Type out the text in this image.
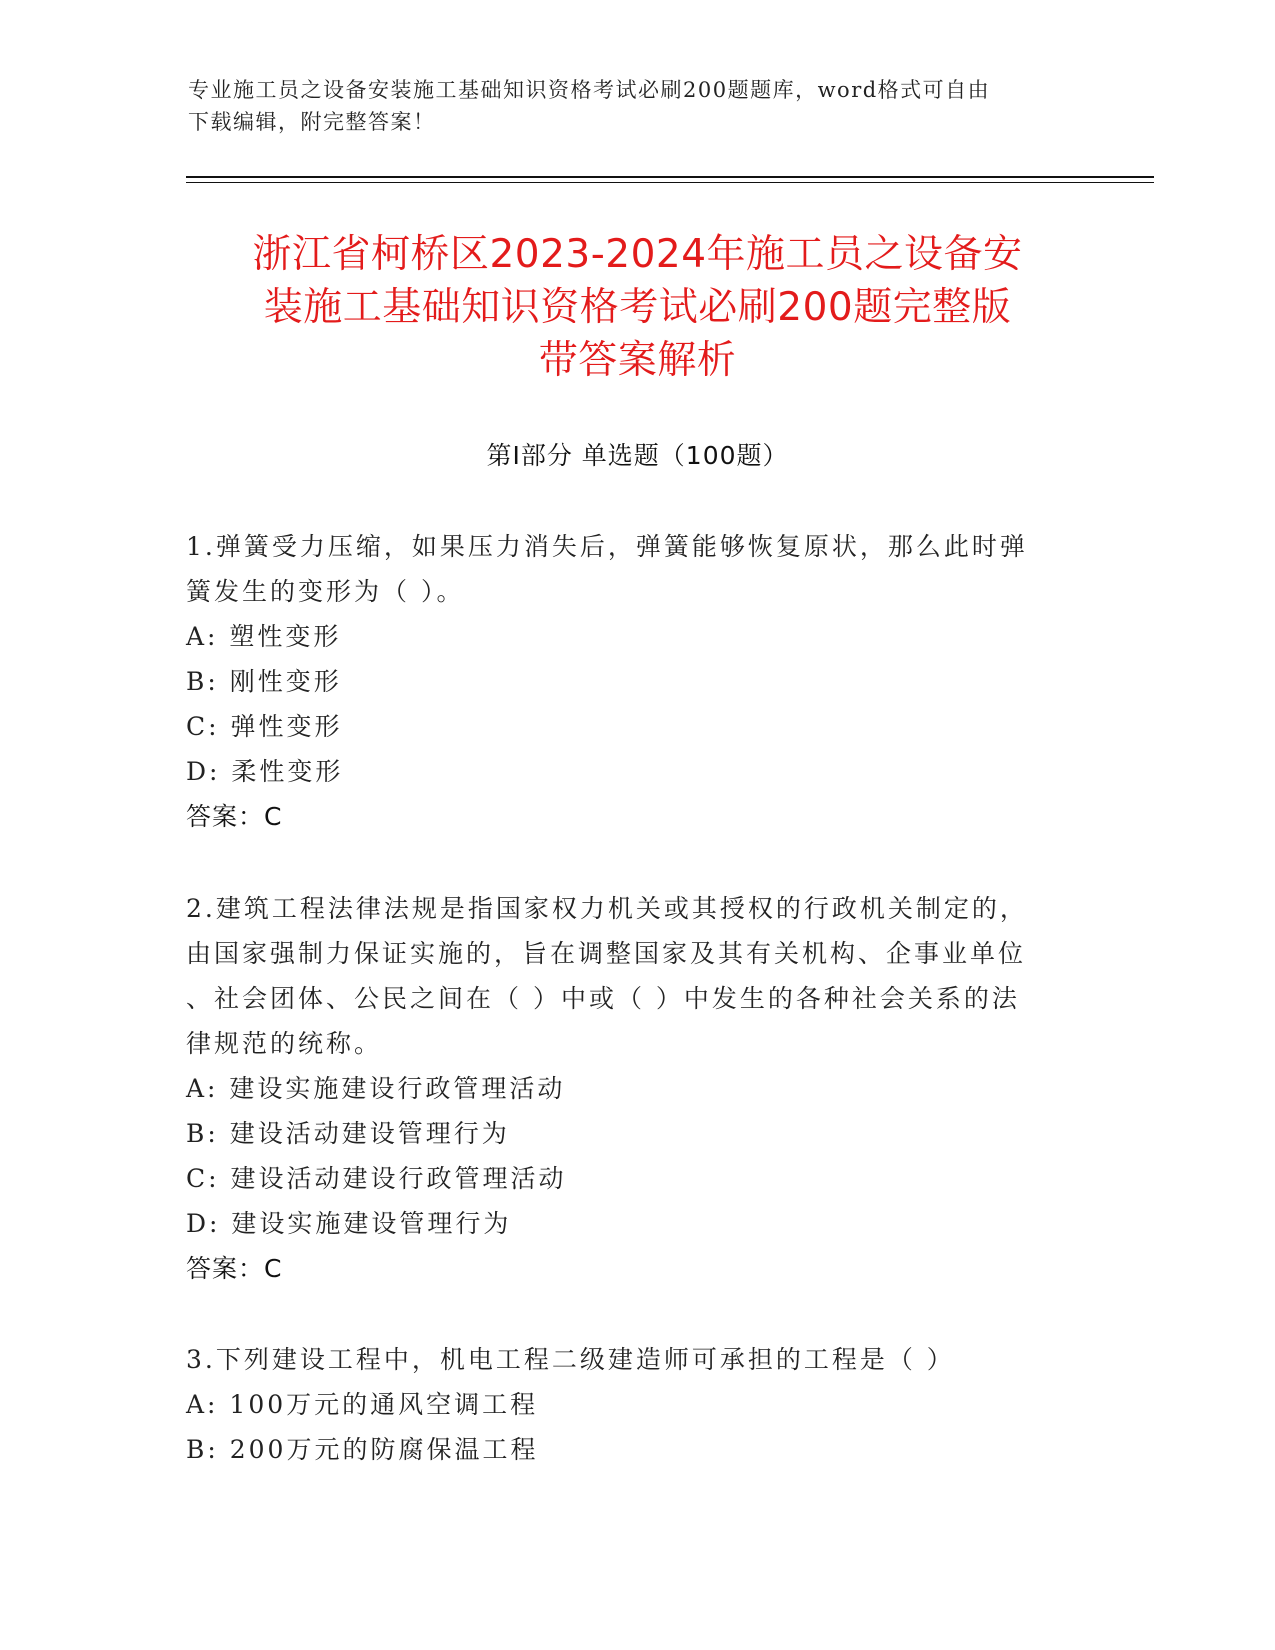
专业施工员之设备安装施工基础知识资格考试必刷200题题库，word格式可自由
下载编辑，附完整答案！
浙江省柯桥区2023-2024年施工员之设备安
装施工基础知识资格考试必刷200题完整版
带答案解析
第Ⅰ部分 单选题（100题）
1.弹簧受力压缩，如果压力消失后，弹簧能够恢复原状，那么此时弹
簧发生的变形为（ ）。
A: 塑性变形
B: 刚性变形
C: 弹性变形
D: 柔性变形
答案：C
2.建筑工程法律法规是指国家权力机关或其授权的行政机关制定的，
由国家强制力保证实施的，旨在调整国家及其有关机构、企事业单位
、社会团体、公民之间在（ ）中或（ ）中发生的各种社会关系的法
律规范的统称。
A: 建设实施建设行政管理活动
B: 建设活动建设管理行为
C: 建设活动建设行政管理活动
D: 建设实施建设管理行为
答案：C
3.下列建设工程中，机电工程二级建造师可承担的工程是（ ）
A: 100万元的通风空调工程
B: 200万元的防腐保温工程
